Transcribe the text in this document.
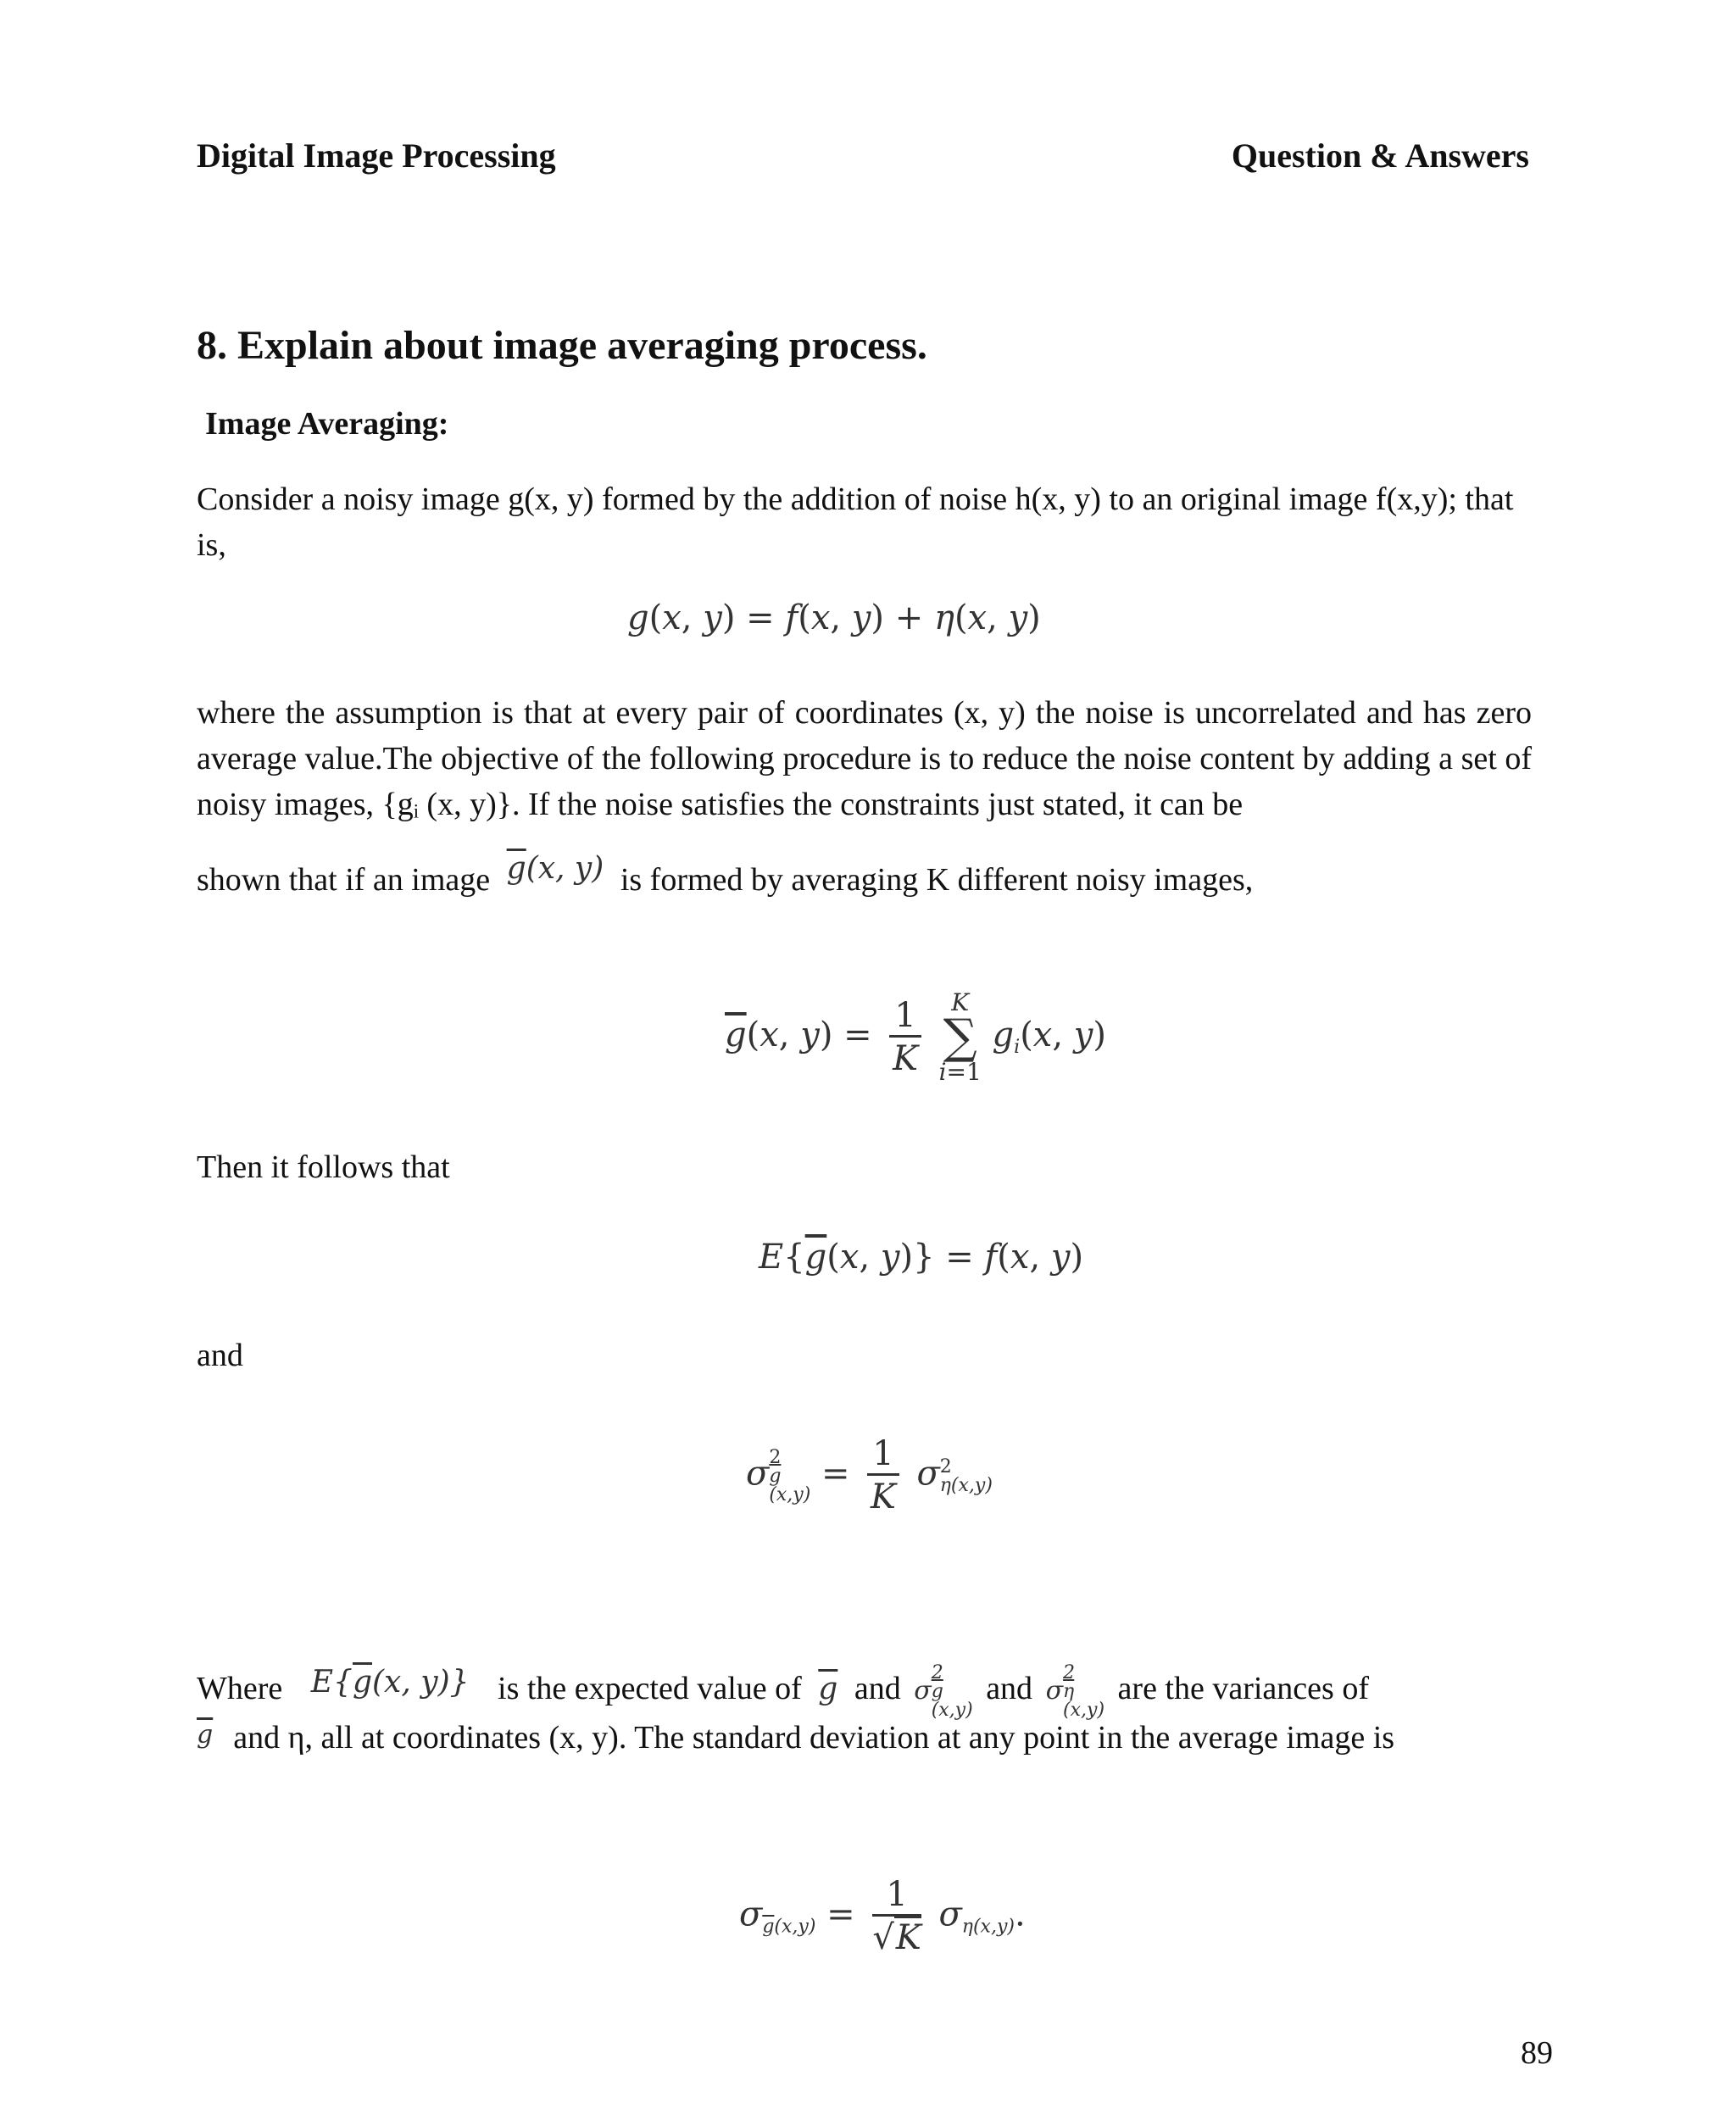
Digital Image Processing	Question & Answers
8. Explain about image averaging process.
Image Averaging:
Consider a noisy image g(x, y) formed by the addition of noise h(x, y) to an original image f(x,y); that is,
g(x, y) = f(x, y) + η(x, y)
where the assumption is that at every pair of coordinates (x, y) the noise is uncorrelated and has zero average value.The objective of the following procedure is to reduce the noise content by adding a set of noisy images, {gᵢ (x, y)}. If the noise satisfies the constraints just stated, it can be
shown that if an image $\overline{g}(x$, y) is formed by averaging K different noisy images,
$\overline{g}(x$, $y) = \frac{1}{K}$ K
∑
i=1 $g_i(x$, y)
Then it follows that
$E\{\overline{g}(x$, y)} = f(x, y)
and
σ 2
$\overline{g}$
(x,y)
= $\frac{1}{K}$ σ 2
η(x,y)
Where $E\{\overline{g}(x$, y)} is the expected value of $\overline{g}$ and σ
2
$\overline{g}$
(x,y)
and σ
2
$\overline{\eta}$
(x,y)
are the variances of
$\overline{g}$ and η, all at coordinates (x, y). The standard deviation at any point in the average image is
$\sigma_{\overline{g}(x,y)} = \frac{1}{√K} \sigma_{\eta(x,y)}$.
89
